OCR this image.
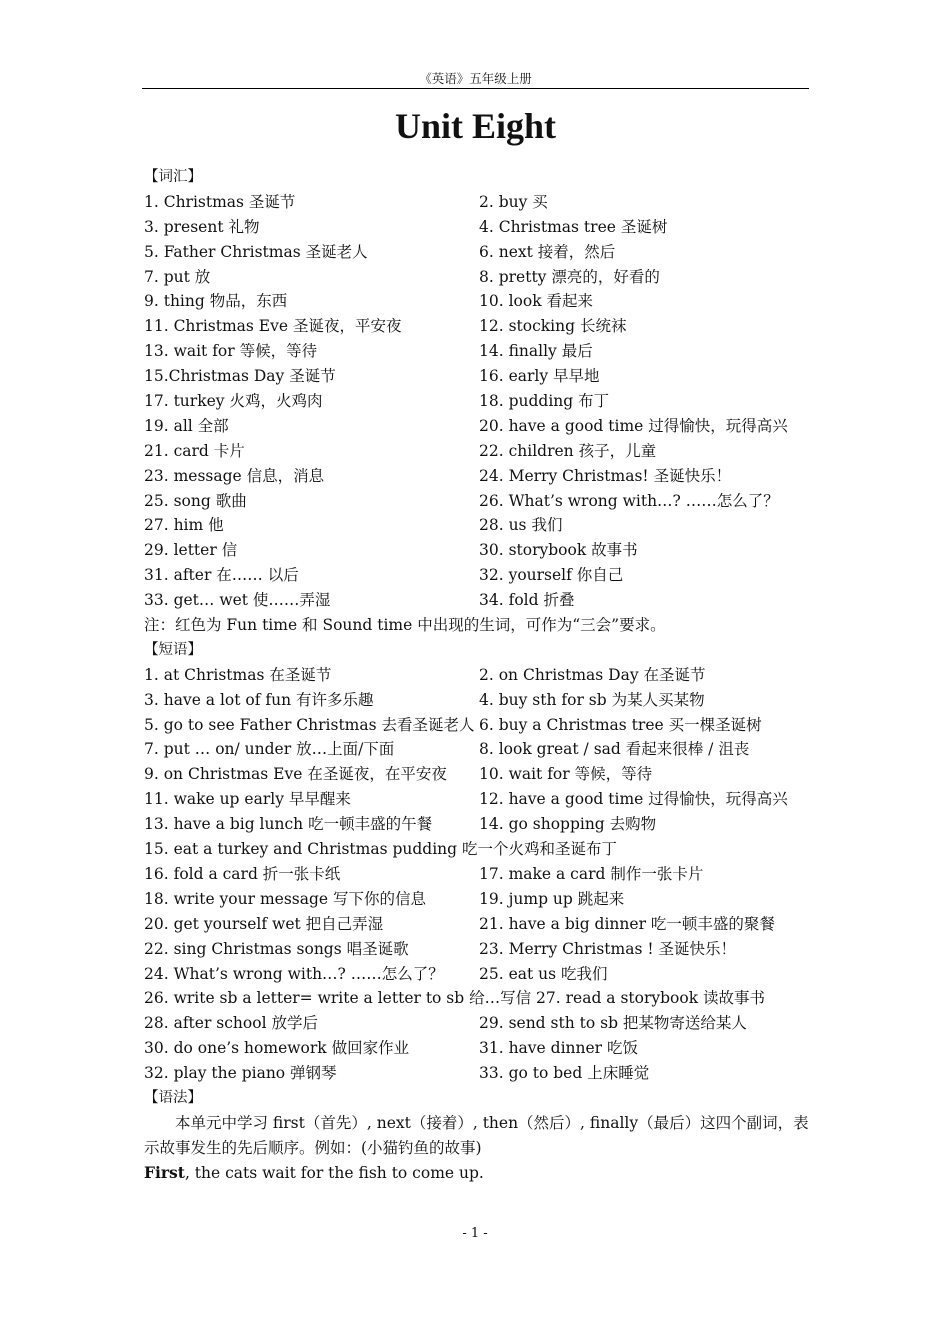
《英语》五年级上册
Unit Eight
【词汇】
1. Christmas 圣诞节	2. buy 买
3. present 礼物	4. Christmas tree 圣诞树
5. Father Christmas 圣诞老人	6. next 接着，然后
7. put 放	8. pretty 漂亮的，好看的
9. thing 物品，东西	10. look 看起来
11. Christmas Eve 圣诞夜，平安夜	12. stocking 长统袜
13. wait for 等候，等待	14. finally 最后
15.Christmas Day 圣诞节	16. early 早早地
17. turkey 火鸡，火鸡肉	18. pudding 布丁
19. all 全部	20. have a good time 过得愉快，玩得高兴
21. card 卡片	22. children 孩子，儿童
23. message 信息，消息	24. Merry Christmas! 圣诞快乐！
25. song 歌曲	26. What’s wrong with…? ……怎么了？
27. him 他	28. us 我们
29. letter 信	30. storybook 故事书
31. after 在…… 以后	32. yourself 你自己
33. get… wet 使……弄湿	34. fold 折叠
注：红色为 Fun time 和 Sound time 中出现的生词，可作为“三会”要求。
【短语】
1. at Christmas 在圣诞节	2. on Christmas Day 在圣诞节
3. have a lot of fun 有许多乐趣	4. buy sth for sb 为某人买某物
5. go to see Father Christmas 去看圣诞老人 6. buy a Christmas tree 买一棵圣诞树
7. put … on/ under 放…上面/下面	8. look great / sad 看起来很棒 / 沮丧
9. on Christmas Eve 在圣诞夜，在平安夜 10. wait for 等候，等待
11. wake up early 早早醒来	12. have a good time 过得愉快，玩得高兴
13. have a big lunch 吃一顿丰盛的午餐	14. go shopping 去购物
15. eat a turkey and Christmas pudding 吃一个火鸡和圣诞布丁
16. fold a card 折一张卡纸	17. make a card 制作一张卡片
18. write your message 写下你的信息	19. jump up 跳起来
20. get yourself wet 把自己弄湿	21. have a big dinner 吃一顿丰盛的聚餐
22. sing Christmas songs 唱圣诞歌	23. Merry Christmas ! 圣诞快乐！
24. What’s wrong with…? ……怎么了？ 25. eat us 吃我们
26. write sb a letter= write a letter to sb 给…写信 27. read a storybook 读故事书
28. after school 放学后	29. send sth to sb 把某物寄送给某人
30. do one’s homework 做回家作业	31. have dinner 吃饭
32. play the piano 弹钢琴	33. go to bed 上床睡觉
【语法】
本单元中学习 first（首先）, next（接着）, then（然后）, finally（最后）这四个副词，表示故事发生的先后顺序。例如：(小猫钓鱼的故事)
First, the cats wait for the fish to come up.
- 1 -
